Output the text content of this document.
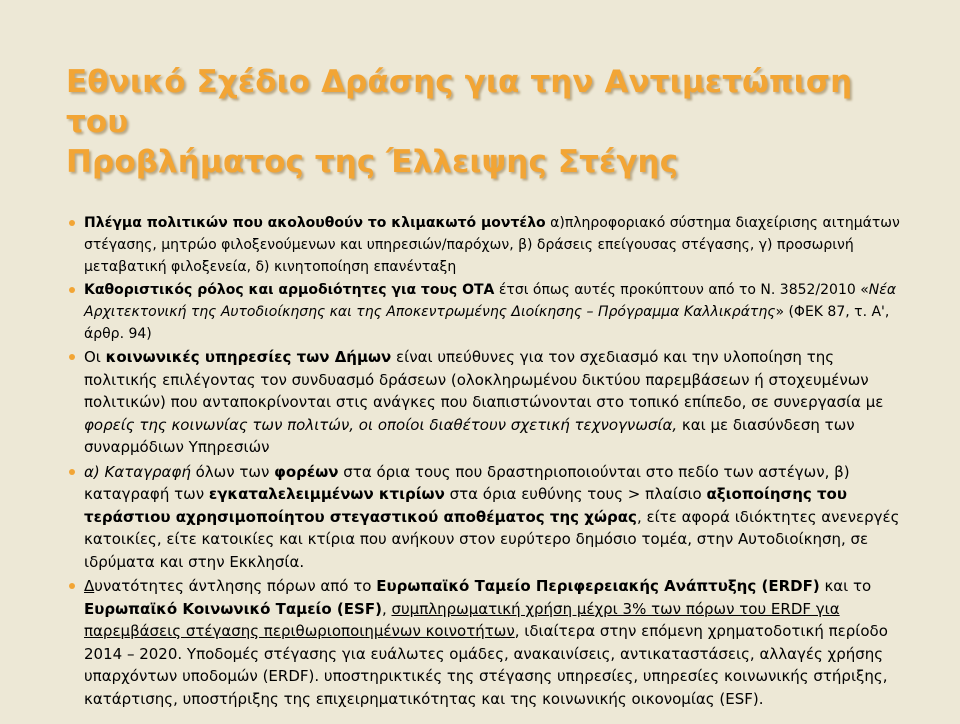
Εθνικό Σχέδιο Δράσης για την Αντιμετώπιση του
Προβλήματος της Έλλειψης Στέγης
Πλέγμα πολιτικών που ακολουθούν το κλιμακωτό μοντέλο α)πληροφοριακό σύστημα διαχείρισης αιτημάτων στέγασης, μητρώο φιλοξενούμενων και υπηρεσιών/παρόχων, β) δράσεις επείγουσας στέγασης, γ) προσωρινή μεταβατική φιλοξενεία, δ) κινητοποίηση επανένταξη
Καθοριστικός ρόλος και αρμοδιότητες για τους ΟΤΑ έτσι όπως αυτές προκύπτουν από το Ν. 3852/2010 «Νέα Αρχιτεκτονική της Αυτοδιοίκησης και της Αποκεντρωμένης Διοίκησης – Πρόγραμμα Καλλικράτης» (ΦΕΚ 87, τ. Α', άρθρ. 94)
Οι κοινωνικές υπηρεσίες των Δήμων είναι υπεύθυνες για τον σχεδιασμό και την υλοποίηση της πολιτικής επιλέγοντας τον συνδυασμό δράσεων (ολοκληρωμένου δικτύου παρεμβάσεων ή στοχευμένων πολιτικών) που ανταποκρίνονται στις ανάγκες που διαπιστώνονται στο τοπικό επίπεδο, σε συνεργασία με φορείς της κοινωνίας των πολιτών, οι οποίοι διαθέτουν σχετική τεχνογνωσία, και με διασύνδεση των συναρμόδιων Υπηρεσιών
α) Καταγραφή όλων των φορέων στα όρια τους που δραστηριοποιούνται στο πεδίο των αστέγων, β) καταγραφή των εγκαταλελειμμένων κτιρίων στα όρια ευθύνης τους > πλαίσιο αξιοποίησης του τεράστιου αχρησιμοποίητου στεγαστικού αποθέματος της χώρας, είτε αφορά ιδιόκτητες ανενεργές κατοικίες, είτε κατοικίες και κτίρια που ανήκουν στον ευρύτερο δημόσιο τομέα, στην Αυτοδιοίκηση, σε ιδρύματα και στην Εκκλησία.
Δυνατότητες άντλησης πόρων από το Ευρωπαϊκό Ταμείο Περιφερειακής Ανάπτυξης (ERDF) και το Ευρωπαϊκό Κοινωνικό Ταμείο (ESF), συμπληρωματική χρήση μέχρι 3% των πόρων του ERDF για παρεμβάσεις στέγασης περιθωριοποιημένων κοινοτήτων, ιδιαίτερα στην επόμενη χρηματοδοτική περίοδο 2014 – 2020. Υποδομές στέγασης για ευάλωτες ομάδες, ανακαινίσεις, αντικαταστάσεις, αλλαγές χρήσης υπαρχόντων υποδομών (ERDF). υποστηρικτικές της στέγασης υπηρεσίες, υπηρεσίες κοινωνικής στήριξης, κατάρτισης, υποστήριξης της επιχειρηματικότητας και της κοινωνικής οικονομίας (ESF).
